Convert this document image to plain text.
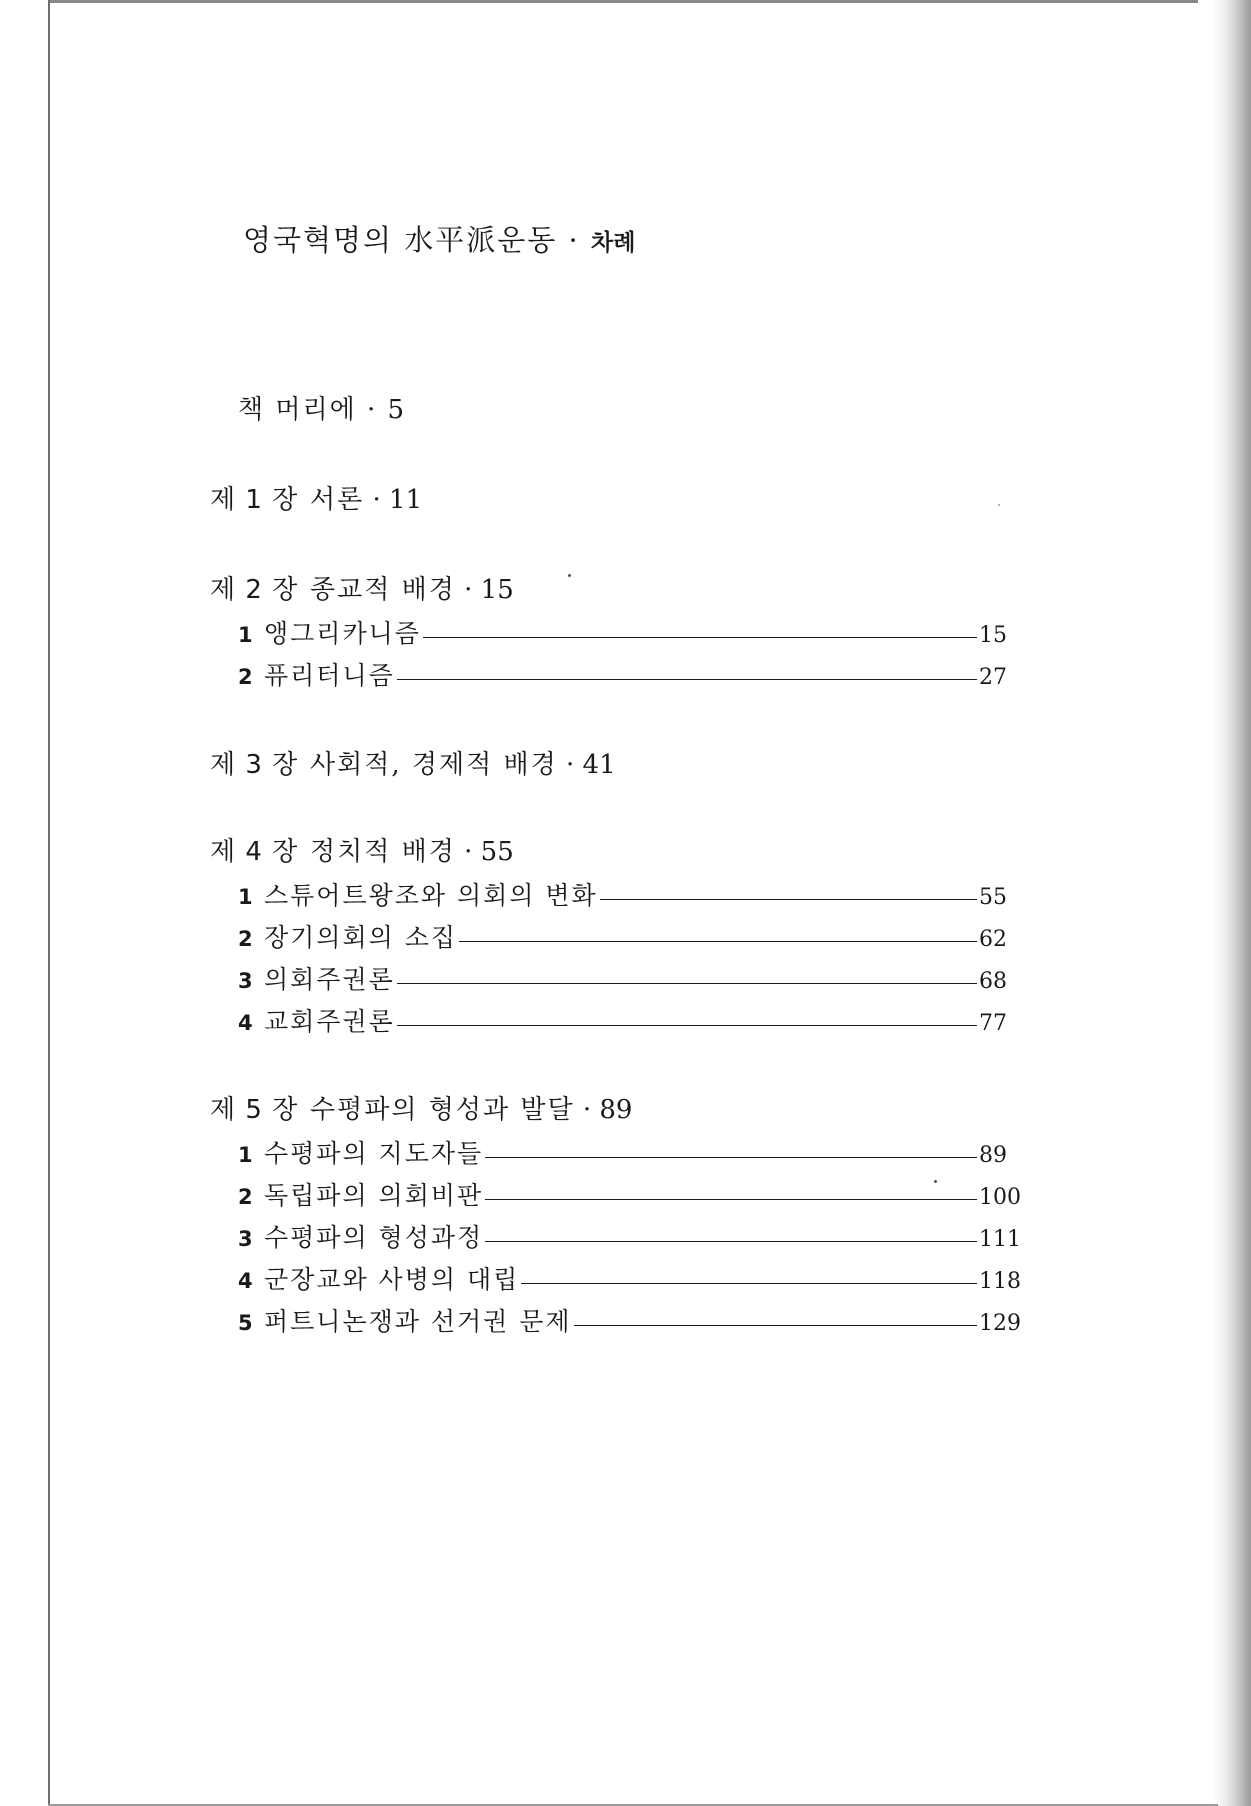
영국혁명의 水平派운동 · 차례
책 머리에 · 5
제 1 장 서론 · 11
제 2 장 종교적 배경 · 15
1 앵그리카니즘	15
2 퓨리터니즘	27
제 3 장 사회적, 경제적 배경 · 41
제 4 장 정치적 배경 · 55
1 스튜어트왕조와 의회의 변화	55
2 장기의회의 소집	62
3 의회주권론	68
4 교회주권론	77
제 5 장 수평파의 형성과 발달 · 89
1 수평파의 지도자들	89
2 독립파의 의회비판	100
3 수평파의 형성과정	111
4 군장교와 사병의 대립	118
5 퍼트니논쟁과 선거권 문제	129
